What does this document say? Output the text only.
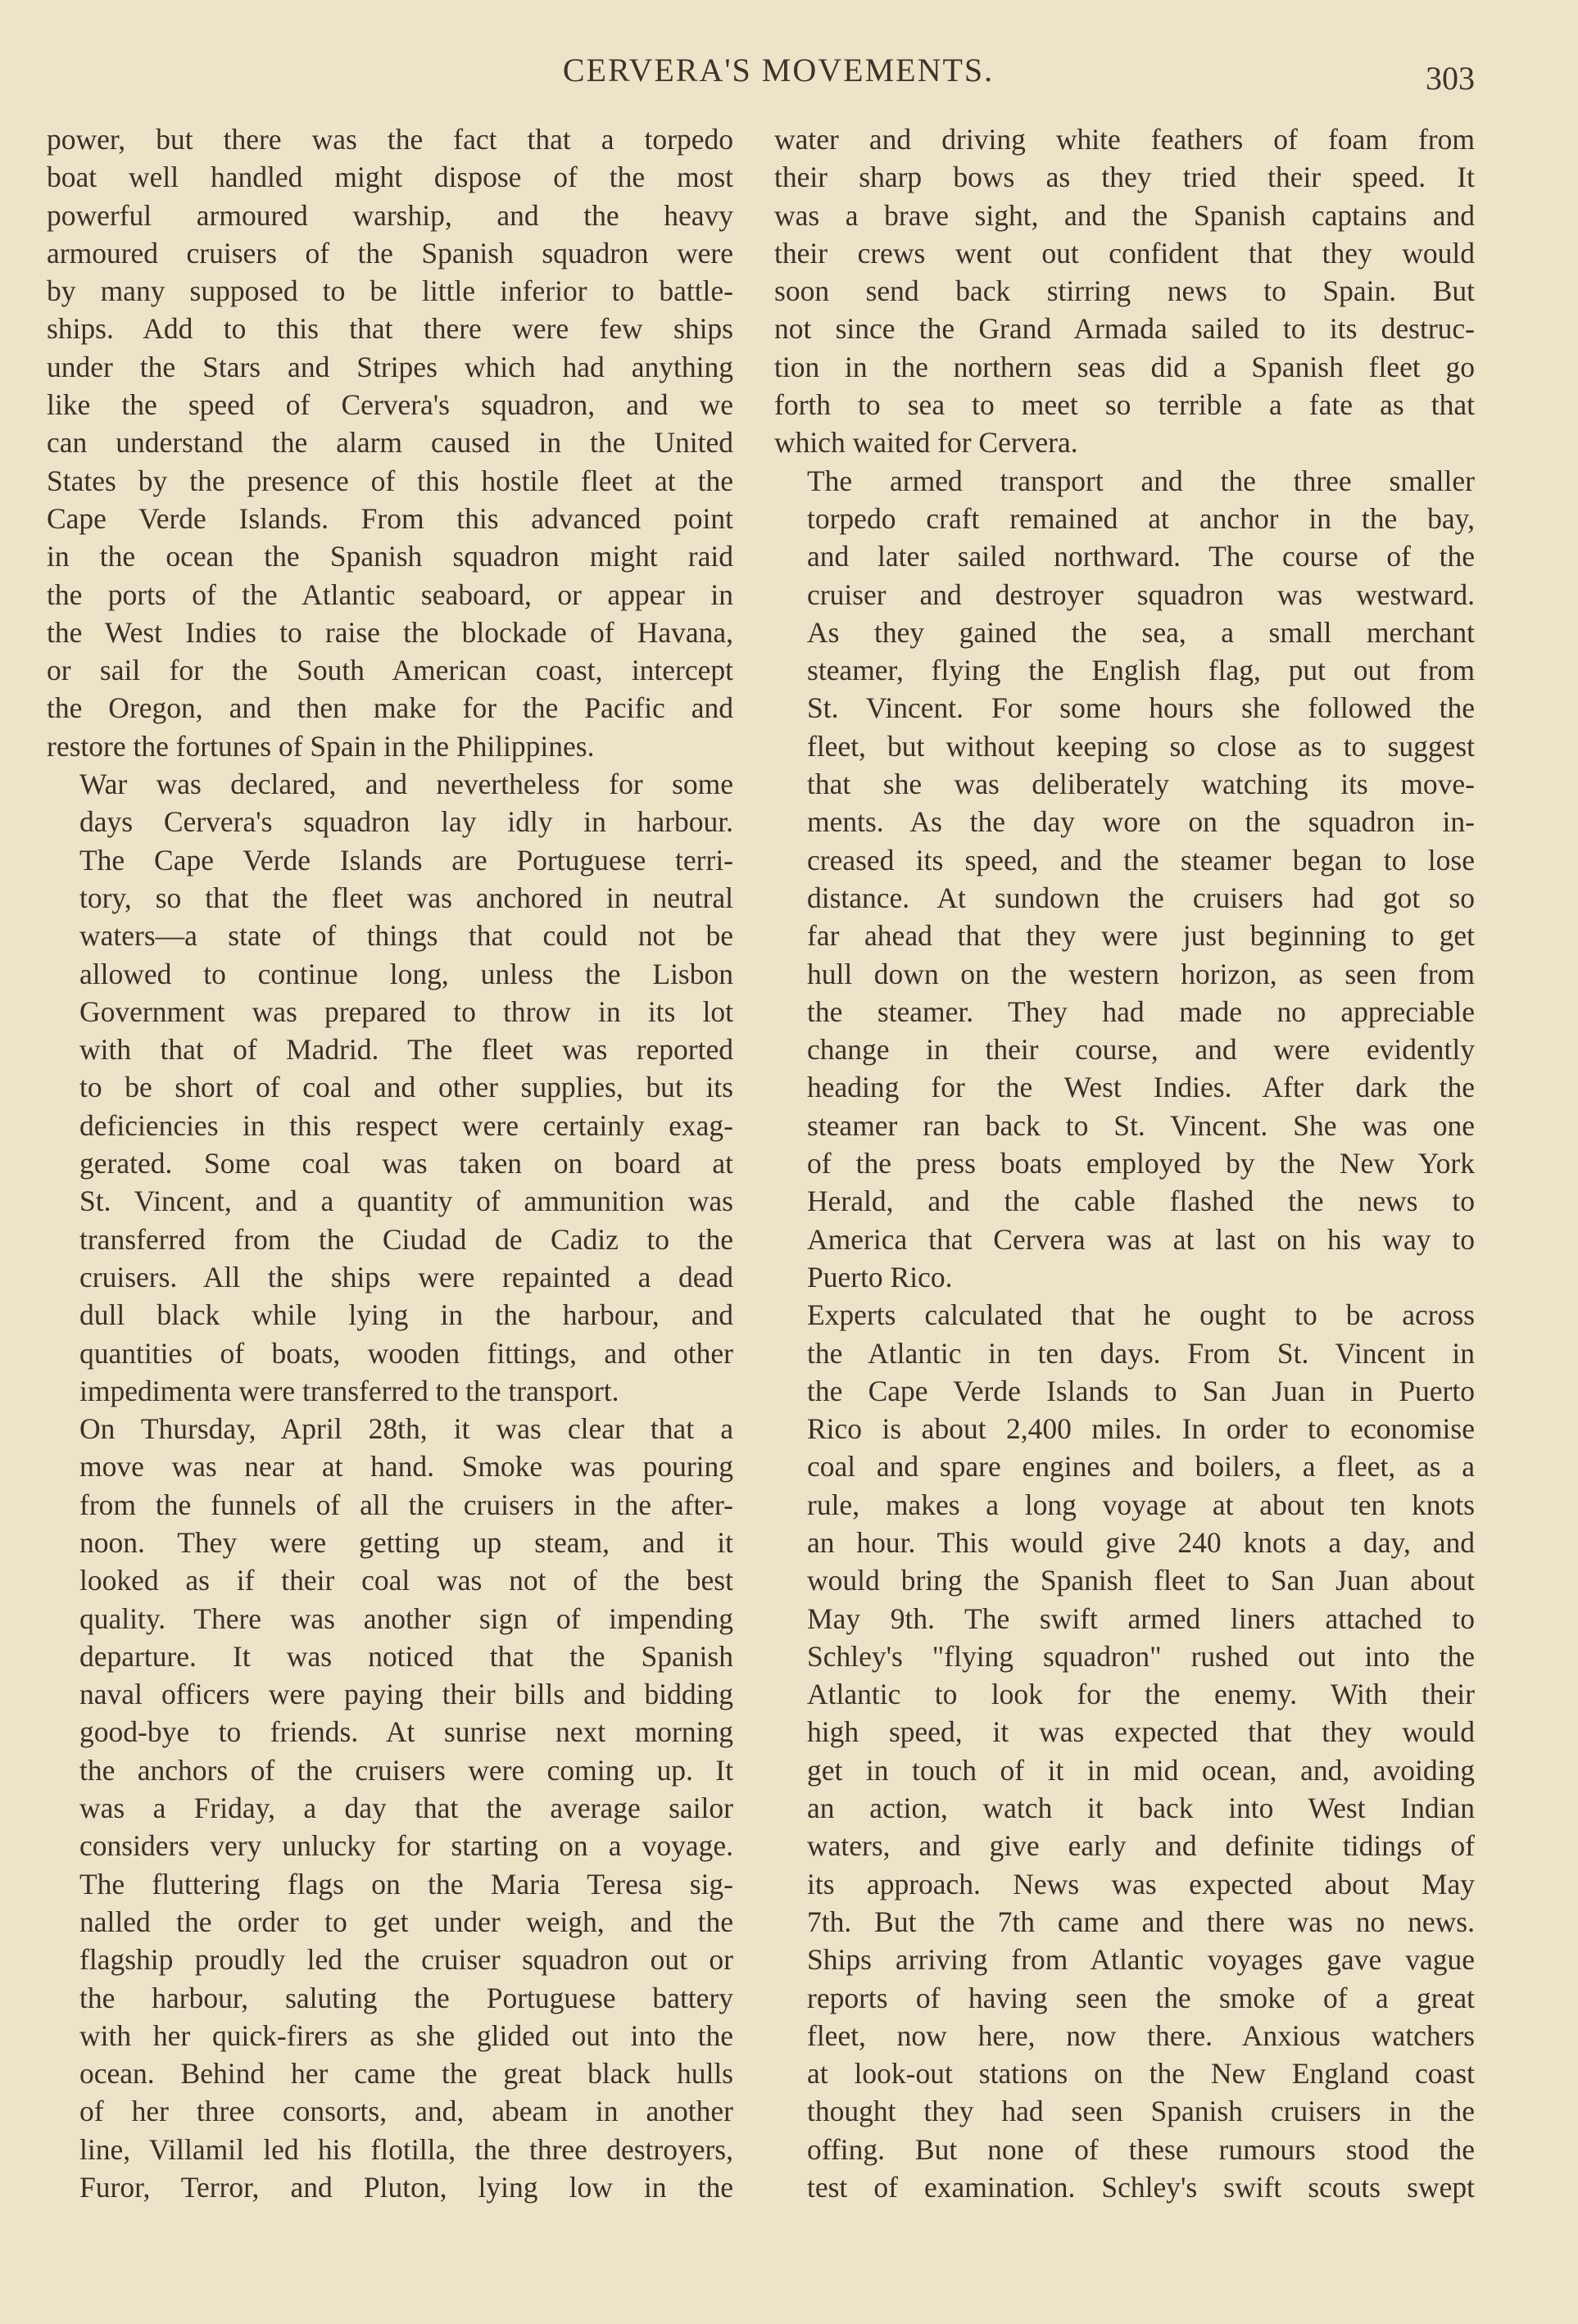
CERVERA'S MOVEMENTS.	303

power, but there was the fact that a torpedo
boat well handled might dispose of the most
powerful armoured warship, and the heavy
armoured cruisers of the Spanish squadron were
by many supposed to be little inferior to battle-
ships. Add to this that there were few ships
under the Stars and Stripes which had anything
like the speed of Cervera's squadron, and we
can understand the alarm caused in the United
States by the presence of this hostile fleet at the
Cape Verde Islands. From this advanced point
in the ocean the Spanish squadron might raid
the ports of the Atlantic seaboard, or appear in
the West Indies to raise the blockade of Havana,
or sail for the South American coast, intercept
the Oregon, and then make for the Pacific and
restore the fortunes of Spain in the Philippines.

War was declared, and nevertheless for some
days Cervera's squadron lay idly in harbour.
The Cape Verde Islands are Portuguese terri-
tory, so that the fleet was anchored in neutral
waters—a state of things that could not be
allowed to continue long, unless the Lisbon
Government was prepared to throw in its lot
with that of Madrid. The fleet was reported
to be short of coal and other supplies, but its
deficiencies in this respect were certainly exag-
gerated. Some coal was taken on board at
St. Vincent, and a quantity of ammunition was
transferred from the Ciudad de Cadiz to the
cruisers. All the ships were repainted a dead
dull black while lying in the harbour, and
quantities of boats, wooden fittings, and other
impedimenta were transferred to the transport.

On Thursday, April 28th, it was clear that a
move was near at hand. Smoke was pouring
from the funnels of all the cruisers in the after-
noon. They were getting up steam, and it
looked as if their coal was not of the best
quality. There was another sign of impending
departure. It was noticed that the Spanish
naval officers were paying their bills and bidding
good-bye to friends. At sunrise next morning
the anchors of the cruisers were coming up. It
was a Friday, a day that the average sailor
considers very unlucky for starting on a voyage.
The fluttering flags on the Maria Teresa sig-
nalled the order to get under weigh, and the
flagship proudly led the cruiser squadron out or
the harbour, saluting the Portuguese battery
with her quick-firers as she glided out into the
ocean. Behind her came the great black hulls
of her three consorts, and, abeam in another
line, Villamil led his flotilla, the three destroyers,
Furor, Terror, and Pluton, lying low in the

water and driving white feathers of foam from
their sharp bows as they tried their speed. It
was a brave sight, and the Spanish captains and
their crews went out confident that they would
soon send back stirring news to Spain. But
not since the Grand Armada sailed to its destruc-
tion in the northern seas did a Spanish fleet go
forth to sea to meet so terrible a fate as that
which waited for Cervera.

The armed transport and the three smaller
torpedo craft remained at anchor in the bay,
and later sailed northward. The course of the
cruiser and destroyer squadron was westward.
As they gained the sea, a small merchant
steamer, flying the English flag, put out from
St. Vincent. For some hours she followed the
fleet, but without keeping so close as to suggest
that she was deliberately watching its move-
ments. As the day wore on the squadron in-
creased its speed, and the steamer began to lose
distance. At sundown the cruisers had got so
far ahead that they were just beginning to get
hull down on the western horizon, as seen from
the steamer. They had made no appreciable
change in their course, and were evidently
heading for the West Indies. After dark the
steamer ran back to St. Vincent. She was one
of the press boats employed by the New York
Herald, and the cable flashed the news to
America that Cervera was at last on his way to
Puerto Rico.

Experts calculated that he ought to be across
the Atlantic in ten days. From St. Vincent in
the Cape Verde Islands to San Juan in Puerto
Rico is about 2,400 miles. In order to economise
coal and spare engines and boilers, a fleet, as a
rule, makes a long voyage at about ten knots
an hour. This would give 240 knots a day, and
would bring the Spanish fleet to San Juan about
May 9th. The swift armed liners attached to
Schley's "flying squadron" rushed out into the
Atlantic to look for the enemy. With their
high speed, it was expected that they would
get in touch of it in mid ocean, and, avoiding
an action, watch it back into West Indian
waters, and give early and definite tidings of
its approach. News was expected about May
7th. But the 7th came and there was no news.
Ships arriving from Atlantic voyages gave vague
reports of having seen the smoke of a great
fleet, now here, now there. Anxious watchers
at look-out stations on the New England coast
thought they had seen Spanish cruisers in the
offing. But none of these rumours stood the
test of examination. Schley's swift scouts swept
